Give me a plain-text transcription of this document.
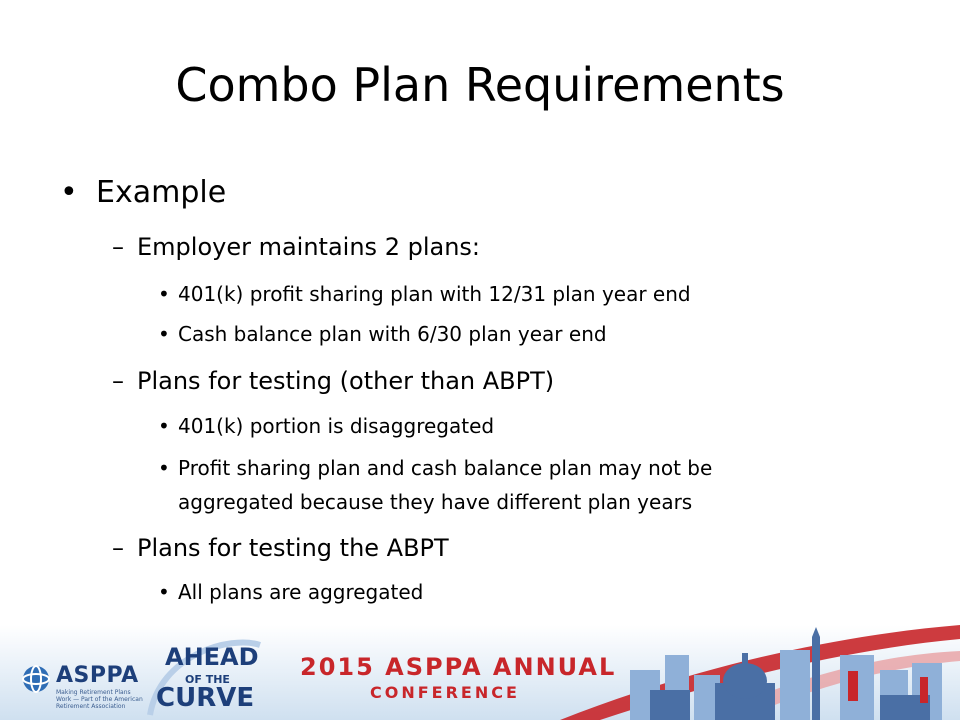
Combo Plan Requirements
• Example
– Employer maintains 2 plans:
• 401(k) profit sharing plan with 12/31 plan year end
• Cash balance plan with 6/30 plan year end
– Plans for testing (other than ABPT)
• 401(k) portion is disaggregated
• Profit sharing plan and cash balance plan may not be
aggregated because they have different plan years
– Plans for testing the ABPT
• All plans are aggregated
ASPPA
Making Retirement Plans Work — Part of the American Retirement Association
AHEAD
OF THE
CURVE
2015 ASPPA ANNUAL
CONFERENCE
